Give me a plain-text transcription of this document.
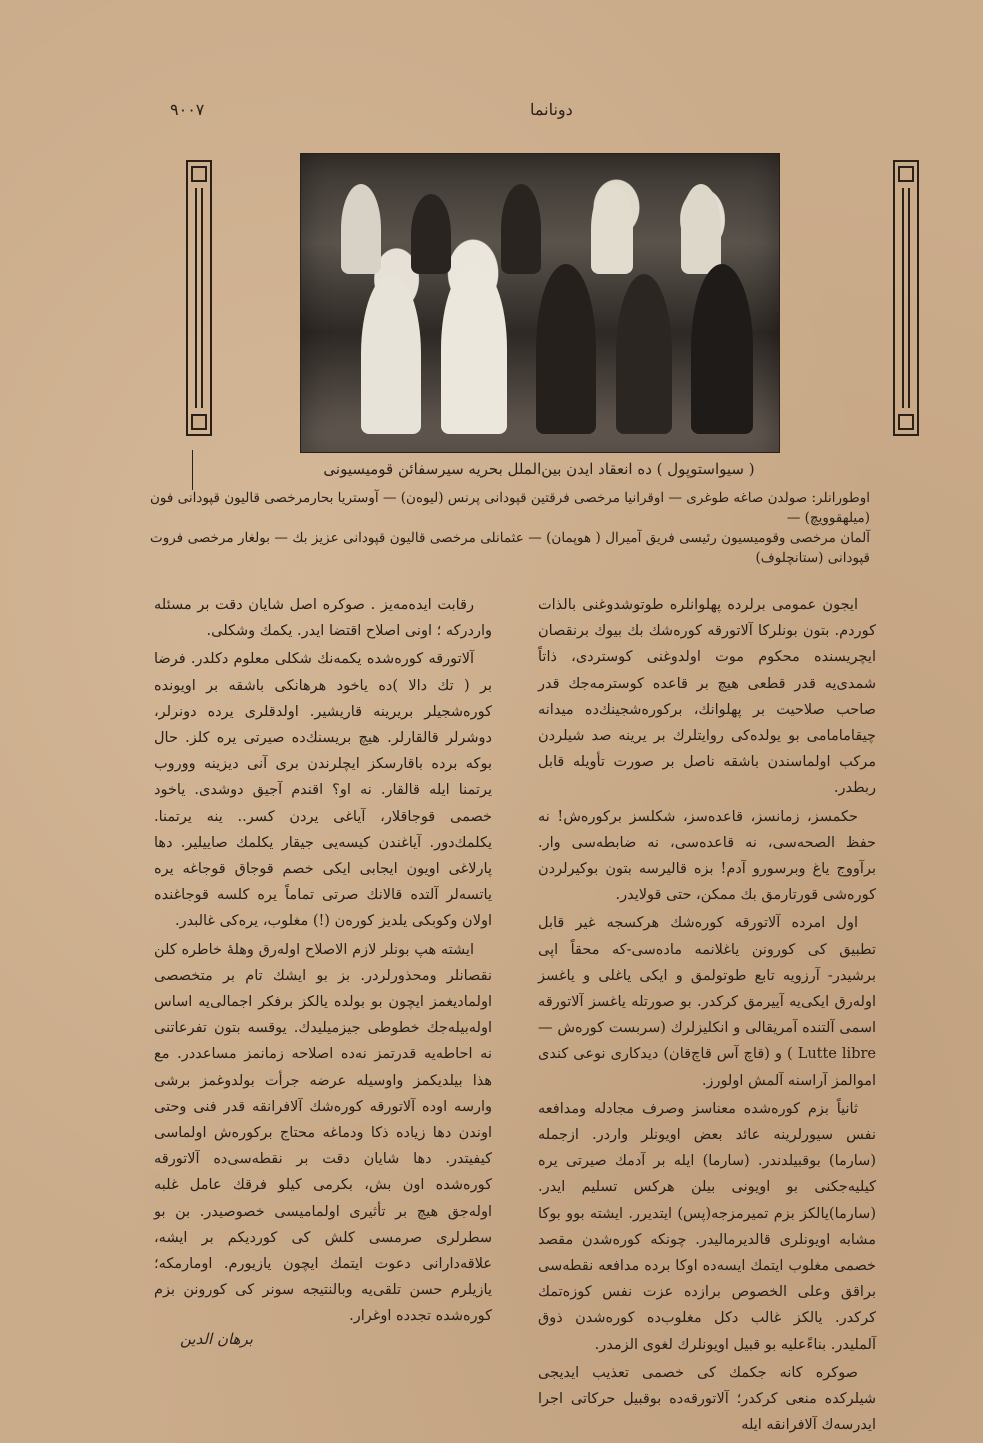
۹۰۰۷	دونانما
( سیواستوپول ) ده انعقاد ایدن بین‌الملل بحریه سیرسفائن قومیسیونی

اوطورانلر: صولدن صاغه طوغری — اوقرانیا مرخصی فرقتین قپودانی پرنس (لیوه‌ن) — آوستریا بحارمرخصی قالیون قپودانی فون (میلهقوویچ) —

آلمان مرخصی وقومیسیون رئیسی فریق آمیرال ( هوپمان) — عثمانلی مرخصی قالیون قپودانی عزیز بك — بولغار مرخصی فروت قپودانی (ستانچلوف)

ایجون عمومی برلرده پهلوانلره طوتوشدوغنی بالذات کوردم. بتون بونلرکا آلاتورقه کوره‌شك بك بیوك برنقصان ایچریسنده محکوم موت اولدوغنی کوستردی، ذاتاً شمدی‌یه قدر قطعی هیچ بر قاعده کوسترمه‌جك قدر صاحب صلاحیت بر پهلوانك، برکوره‌شجینك‌ده میدانه چیقامامامی بو یولده‌کی روایتلرك بر یرینه صد شیلردن مرکب اولماسندن باشقه ناصل بر صورت تأویله قابل ربطدر.

حکمسز، زمانسز، قاعده‌سز، شکلسز برکوره‌ش! نه حفظ الصحه‌سی، نه قاعده‌سی، نه ضابطه‌سی وار. برآووج یاغ وبرسورو آدم! بزه قالیرسه بتون بوکیرلردن کوره‌شی قورتارمق بك ممکن، حتی قولایدر.

اول امرده آلاتورقه کوره‌شك هرکسجه غیر قابل تطبیق کی کورونن یاغلانمه ماده‌سی-که محقاً اپی برشیدر- آرزویه تابع طوتولمق و ایکی یاغلی و یاغسز اوله‌رق ایکی‌یه آییرمق کرکدر. بو صورتله یاغسز آلاتورقه اسمی آلتنده آمریقالی و انکلیزلرك (سربست کوره‌ش — Lutte libre ) و (قاچ آس قاچ‌قان) دیدکاری نوعی کندی اموالمز آراسنه آلمش اولورز.

ثانیاً بزم کوره‌شده معناسز وصرف مجادله ومدافعه نفس سیورلرینه عائد بعض اویونلر واردر. ازجمله (سارما) بوقبیلدندر. (سارما) ایله بر آدمك صیرتی یره کیلیه‌جکنی بو اویونی بیلن هرکس تسلیم ایدر. (سارما)یالکز بزم تمیرمزجه(پس) ایتدیرر. ایشته بوو بوکا مشابه اویونلری قالدیرمالیدر. چونکه کوره‌شدن مقصد خصمی مغلوب ایتمك ایسه‌ده اوکا برده مدافعه نقطه‌سی براقق وعلی الخصوص برازده عزت نفس کوزه‌تمك کرکدر. یالکز غالب دکل مغلوب‌ده کوره‌شدن ذوق آلملیدر. بناءًعلیه بو قبیل اویونلرك لغوی الزمدر.

صوکره کانه جکمك کی خصمی تعذیب ایدیجی شیلرکده منعی کرکدر؛ آلاتورقه‌ده بوقبیل حرکاتی اجرا ایدرسه‌ك آلافرانقه ایله

رقابت ایده‌مه‌یز . صوکره اصل شایان دقت بر مسئله واردرکه ؛ اونی اصلاح اقتضا ایدر. یکمك وشکلی.

آلاتورقه کوره‌شده یکمه‌نك شکلی معلوم دکلدر. فرضا بر ( تك دالا )ده یاخود هرهانکی باشقه بر اویونده کوره‌شجیلر بریرینه قاریشیر. اولدقلری یرده دونرلر، دوشرلر قالقارلر. هیچ بریسنك‌ده صیرتی یره کلز. حال بوکه برده باقارسکز ایچلرندن بری آنی دیزینه وورو‌ب یرتمنا ایله قالقار. نه او؟ اقندم آجیق دوشدی. یاخود خصمی قوجاقلار، آیاغی یردن کسر.. ینه یرتمنا. یکلمك‌دور. آیاغندن کیسه‌یی جیقار یکلمك صاییلیر. دها پارلاغی اویون ایجابی ایکی خصم قوجاق قوجاغه یره یاتسه‌لر آلتده قالانك صرتی تماماً یره کلسه قوجاغنده اولان وکوبکی یلدیز کوره‌ن (!) مغلوب، یره‌کی غالبدر.

ایشته هپ بونلر لازم الاصلاح اوله‌رق وهلهٔ خاطره کلن نقصانلر ومحذورلردر. بز بو ایشك تام بر متخصصی اولمادیغمز ایچون بو بولده یالکز برفکر اجمالی‌یه اساس اوله‌بیله‌جك خطوطی جیزمیلیدك. یوقسه بتون تفرعاتنی نه احاطه‌یه قدرتمز نه‌ده اصلاحه زمانمز مساعددر. مع هذا بیلدیکمز واوسیله عرضه جرأت بولدوغمز برشی وارسه اوده آلاتورقه کوره‌شك آلافرانقه قدر فنی وحتی اوندن دها زیاده ذکا ودماغه محتاج برکوره‌ش اولماسی کیفیتدر. دها شایان دقت بر نقطه‌سی‌ده آلاتورقه کوره‌شده اون بش، بکرمی کیلو فرقك عامل غلبه اوله‌جق هیچ بر تأثیری اولمامیسی خصوصیدر. بن بو سطرلری صرمسی کلش کی کوردیکم بر ایشه، علاقه‌دارانی دعوت ایتمك ایچون یازیورم. اومارمکه؛ یازیلرم حسن تلقی‌یه وبالنتیجه سونر کی کورونن بزم کوره‌شده تجدده اوغرار.

برهان الدین
